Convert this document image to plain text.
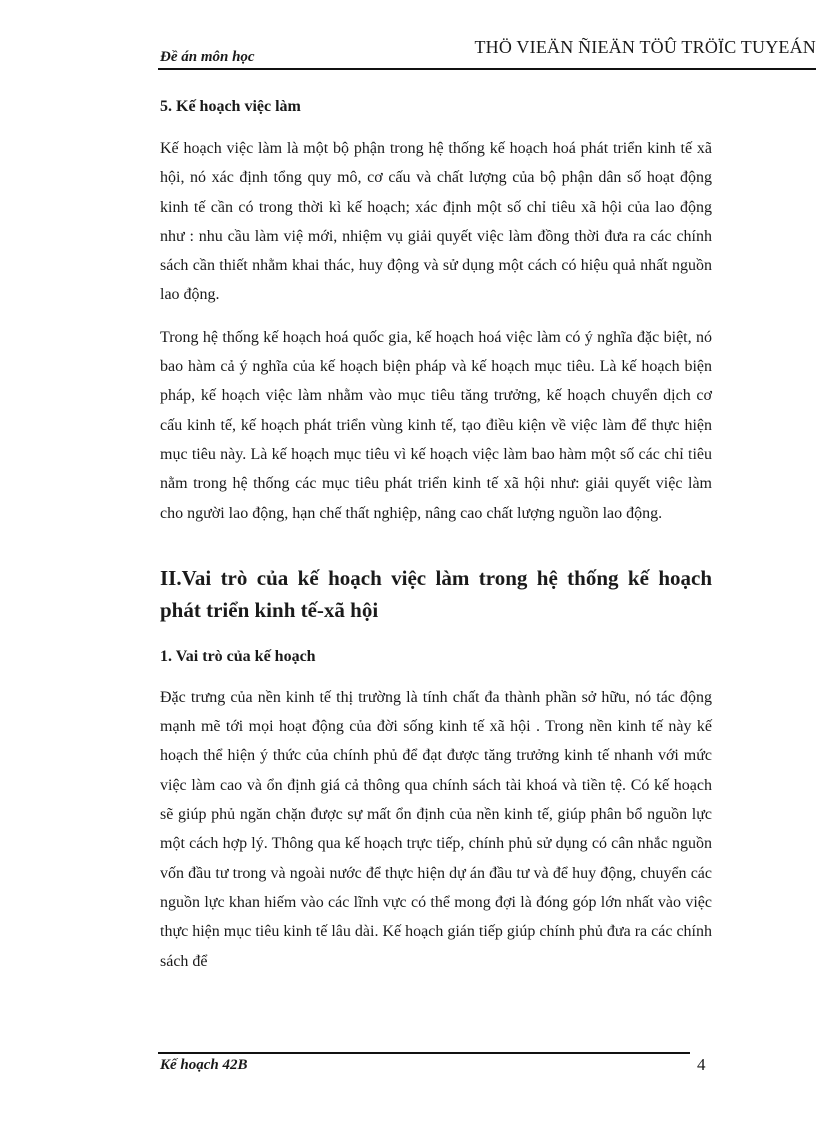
Đề án môn học	THÖ VIEÄN ÑIEÄN TÖÛ TRÖÏC TUYEÁN

5. Kế hoạch việc làm

Kế hoạch việc làm là một bộ phận trong hệ thống kế hoạch hoá phát triển kinh tế xã hội, nó xác định tổng quy mô, cơ cấu và chất lượng của bộ phận dân số hoạt động kinh tế cần có trong thời kì kế hoạch; xác định một số chỉ tiêu xã hội của lao động như : nhu cầu làm việ mới, nhiệm vụ giải quyết việc làm đồng thời đưa ra các chính sách cần thiết nhằm khai thác, huy động và sử dụng một cách có hiệu quả nhất nguồn lao động.

Trong hệ thống kế hoạch hoá quốc gia, kế hoạch hoá việc làm có ý nghĩa đặc biệt, nó bao hàm cả ý nghĩa của kế hoạch biện pháp và kế hoạch mục tiêu. Là kế hoạch biện pháp, kế hoạch việc làm nhằm vào mục tiêu tăng trưởng, kế hoạch chuyển dịch cơ cấu kinh tế, kế hoạch phát triển vùng kinh tế, tạo điều kiện về việc làm để thực hiện mục tiêu này. Là kế hoạch mục tiêu vì kế hoạch việc làm bao hàm một số các chỉ tiêu nằm trong hệ thống các mục tiêu phát triển kinh tế xã hội như: giải quyết việc làm cho người lao động, hạn chế thất nghiệp, nâng cao chất lượng nguồn lao động.

II.Vai trò của kế hoạch việc làm trong hệ thống kế hoạch phát triển kinh tế-xã hội

1. Vai trò của kế hoạch

Đặc trưng của nền kinh tế thị trường là tính chất đa thành phần sở hữu, nó tác động mạnh mẽ tới mọi hoạt động của đời sống kinh tế xã hội . Trong nền kinh tế này kế hoạch thể hiện ý thức của chính phủ để đạt được tăng trưởng kinh tế nhanh với mức việc làm cao và ổn định giá cả thông qua chính sách tài khoá và tiền tệ. Có kế hoạch sẽ giúp phủ ngăn chặn được sự mất ổn định của nền kinh tế, giúp phân bổ nguồn lực một cách hợp lý. Thông qua kế hoạch trực tiếp, chính phủ sử dụng có cân nhắc nguồn vốn đầu tư trong và ngoài nước để thực hiện dự án đầu tư và để huy động, chuyển các nguồn lực khan hiếm vào các lĩnh vực có thể mong đợi là đóng góp lớn nhất vào việc thực hiện mục tiêu kinh tế lâu dài. Kế hoạch gián tiếp giúp chính phủ đưa ra các chính sách để

Kế hoạch 42B	4
